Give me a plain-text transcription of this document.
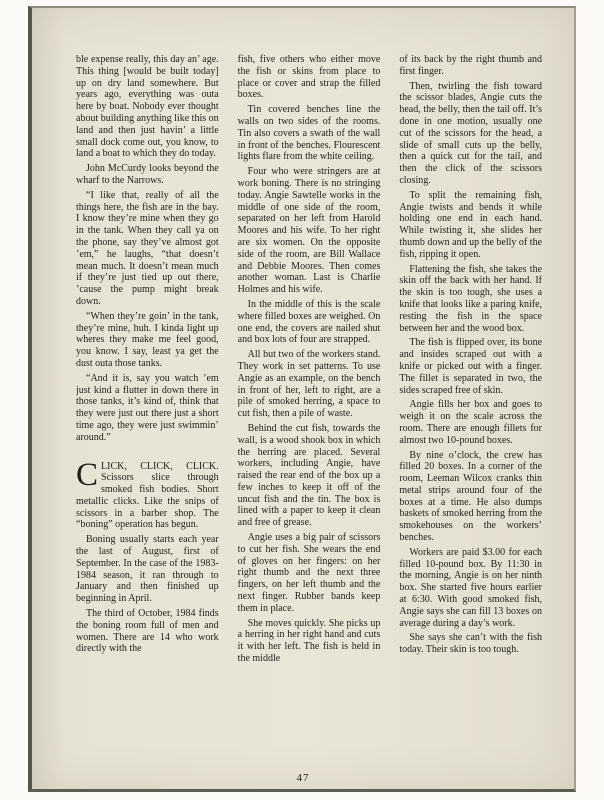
ble expense really, this day an’ age. This thing [would be built today] up on dry land somewhere. But years ago, everything was outa here by boat. Nobody ever thought about building anything like this on land and then just havin’ a little small dock come out, you know, to land a boat to which they do today.

John McCurdy looks beyond the wharf to the Narrows.

“I like that, really of all the things here, the fish are in the bay. I know they’re mine when they go in the tank. When they call ya on the phone, say they’ve almost got ’em,” he laughs, “that doesn’t mean much. It doesn’t mean much if they’re just tied up out there, ’cause the pump might break down.

“When they’re goin’ in the tank, they’re mine, huh. I kinda light up wheres they make me feel good, you know. I say, least ya get the dust outa those tanks.

“And it is, say you watch ’em just kind a flutter in down there in those tanks, it’s kind of, think that they were just out there just a short time ago, they were just swimmin’ around.”

CLICK, CLICK, CLICK. Scissors slice through smoked fish bodies. Short metallic clicks. Like the snips of scissors in a barber shop. The “boning” operation has begun.

Boning usually starts each year the last of August, first of September. In the case of the 1983-1984 season, it ran through to January and then finished up beginning in April.

The third of October, 1984 finds the boning room full of men and women. There are 14 who work directly with the

fish, five others who either move the fish or skins from place to place or cover and strap the filled boxes.

Tin covered benches line the walls on two sides of the rooms. Tin also covers a swath of the wall in front of the benches. Flourescent lights flare from the white ceiling.

Four who were stringers are at work boning. There is no stringing today. Angie Sawtelle works in the middle of one side of the room, separated on her left from Harold Moores and his wife. To her right are six women. On the opposite side of the room, are Bill Wallace and Debbie Moores. Then comes another woman. Last is Charlie Holmes and his wife.

In the middle of this is the scale where filled boxes are weighed. On one end, the covers are nailed shut and box lots of four are strapped.

All but two of the workers stand. They work in set patterns. To use Angie as an example, on the bench in front of her, left to right, are a pile of smoked herring, a space to cut fish, then a pile of waste.

Behind the cut fish, towards the wall, is a wood shook box in which the herring are placed. Several workers, including Angie, have raised the rear end of the box up a few inches to keep it off of the uncut fish and the tin. The box is lined with a paper to keep it clean and free of grease.

Angie uses a big pair of scissors to cut her fish. She wears the end of gloves on her fingers: on her right thumb and the next three fingers, on her left thumb and the next finger. Rubber bands keep them in place.

She moves quickly. She picks up a herring in her right hand and cuts it with her left. The fish is held in the middle

of its back by the right thumb and first finger.

Then, twirling the fish toward the scissor blades, Angie cuts the head, the belly, then the tail off. It’s done in one motion, usually one cut of the scissors for the head, a slide of small cuts up the belly, then a quick cut for the tail, and then the click of the scissors closing.

To split the remaining fish, Angie twists and bends it while holding one end in each hand. While twisting it, she slides her thumb down and up the belly of the fish, ripping it open.

Flattening the fish, she takes the skin off the back with her hand. If the skin is too tough, she uses a knife that looks like a paring knife, resting the fish in the space between her and the wood box.

The fish is flipped over, its bone and insides scraped out with a knife or picked out with a finger. The fillet is separated in two, the sides scraped free of skin.

Angie fills her box and goes to weigh it on the scale across the room. There are enough fillets for almost two 10-pound boxes.

By nine o’clock, the crew has filled 20 boxes. In a corner of the room, Leeman Wilcox cranks thin metal strips around four of the boxes at a time. He also dumps baskets of smoked herring from the smokehouses on the workers’ benches.

Workers are paid $3.00 for each filled 10-pound box. By 11:30 in the morning, Angie is on her ninth box. She started five hours earlier at 6:30. With good smoked fish, Angie says she can fill 13 boxes on average during a day’s work.

She says she can’t with the fish today. Their skin is too tough.

47
